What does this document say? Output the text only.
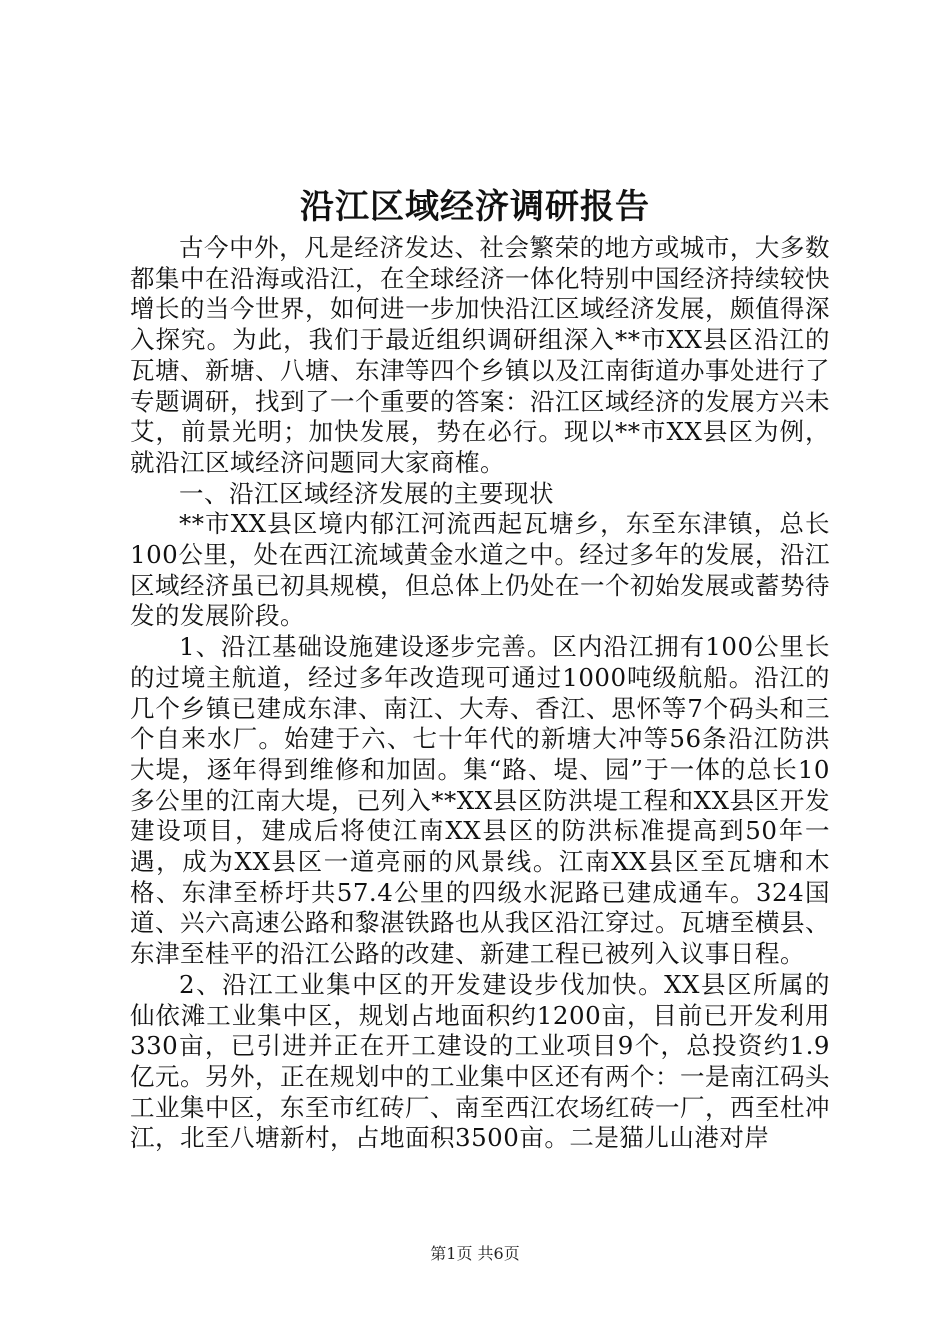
沿江区域经济调研报告

古今中外，凡是经济发达、社会繁荣的地方或城市，大多数都集中在沿海或沿江，在全球经济一体化特别中国经济持续较快增长的当今世界，如何进一步加快沿江区域经济发展，颇值得深入探究。为此，我们于最近组织调研组深入**市XX县区沿江的瓦塘、新塘、八塘、东津等四个乡镇以及江南街道办事处进行了专题调研，找到了一个重要的答案：沿江区域经济的发展方兴未艾，前景光明；加快发展，势在必行。现以**市XX县区为例，就沿江区域经济问题同大家商榷。

一、沿江区域经济发展的主要现状

**市XX县区境内郁江河流西起瓦塘乡，东至东津镇，总长100公里，处在西江流域黄金水道之中。经过多年的发展，沿江区域经济虽已初具规模，但总体上仍处在一个初始发展或蓄势待发的发展阶段。

1、沿江基础设施建设逐步完善。区内沿江拥有100公里长的过境主航道，经过多年改造现可通过1000吨级航船。沿江的几个乡镇已建成东津、南江、大寿、香江、思怀等7个码头和三个自来水厂。始建于六、七十年代的新塘大冲等56条沿江防洪大堤，逐年得到维修和加固。集“路、堤、园”于一体的总长10多公里的江南大堤，已列入**XX县区防洪堤工程和XX县区开发建设项目，建成后将使江南XX县区的防洪标准提高到50年一遇，成为XX县区一道亮丽的风景线。江南XX县区至瓦塘和木格、东津至桥圩共57.4公里的四级水泥路已建成通车。324国道、兴六高速公路和黎湛铁路也从我区沿江穿过。瓦塘至横县、东津至桂平的沿江公路的改建、新建工程已被列入议事日程。

2、沿江工业集中区的开发建设步伐加快。XX县区所属的仙依滩工业集中区，规划占地面积约1200亩，目前已开发利用330亩，已引进并正在开工建设的工业项目9个，总投资约1.9亿元。另外，正在规划中的工业集中区还有两个：一是南江码头工业集中区，东至市红砖厂、南至西江农场红砖一厂，西至杜冲江，北至八塘新村，占地面积3500亩。二是猫儿山港对岸

第1页 共6页
